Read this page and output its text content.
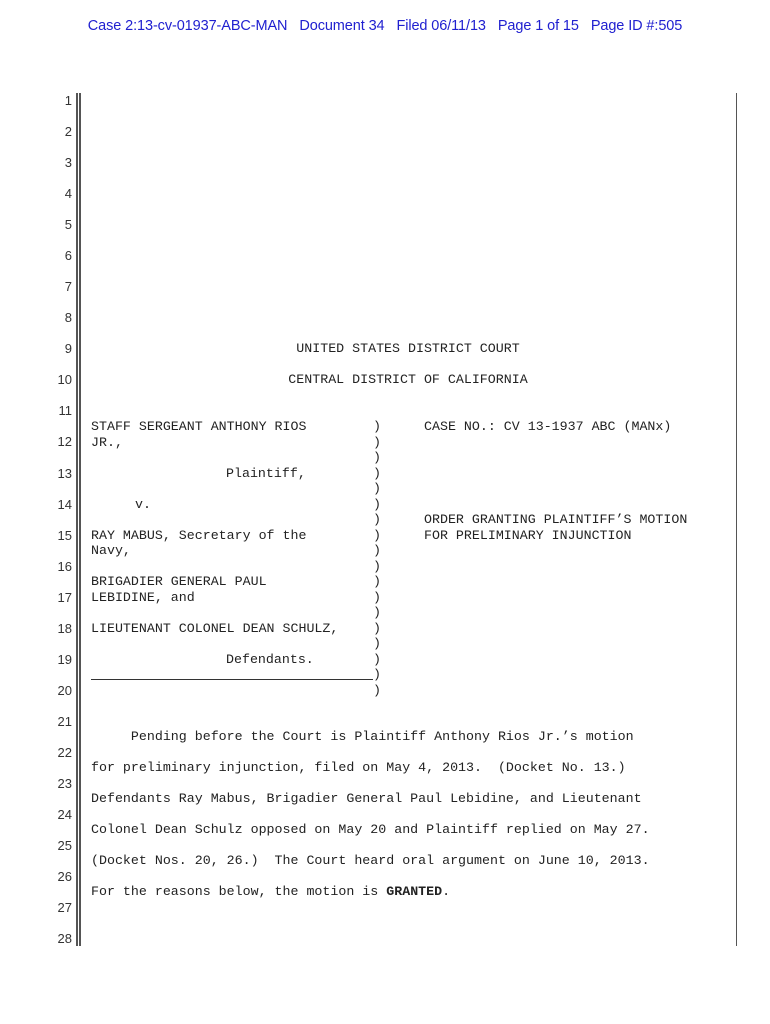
Case 2:13-cv-01937-ABC-MAN Document 34 Filed 06/11/13 Page 1 of 15 Page ID #:505
1
2
3
4
5
6
7
8
9
10
11
12
13
14
15
16
17
18
19
20
21
22
23
24
25
26
27
28
UNITED STATES DISTRICT COURT
CENTRAL DISTRICT OF CALIFORNIA
STAFF SERGEANT ANTHONY RIOS
JR.,
Plaintiff,
v.
RAY MABUS, Secretary of the
Navy,
BRIGADIER GENERAL PAUL
LEBIDINE, and
LIEUTENANT COLONEL DEAN SCHULZ,
Defendants.
)
)
)
)
)
)
)
)
)
)
)
)
)
)
)
)
)
)
CASE NO.: CV 13-1937 ABC (MANx)
ORDER GRANTING PLAINTIFF’S MOTION
FOR PRELIMINARY INJUNCTION
Pending before the Court is Plaintiff Anthony Rios Jr.’s motion
for preliminary injunction, filed on May 4, 2013.  (Docket No. 13.)
Defendants Ray Mabus, Brigadier General Paul Lebidine, and Lieutenant
Colonel Dean Schulz opposed on May 20 and Plaintiff replied on May 27.
(Docket Nos. 20, 26.)  The Court heard oral argument on June 10, 2013.
For the reasons below, the motion is GRANTED.
